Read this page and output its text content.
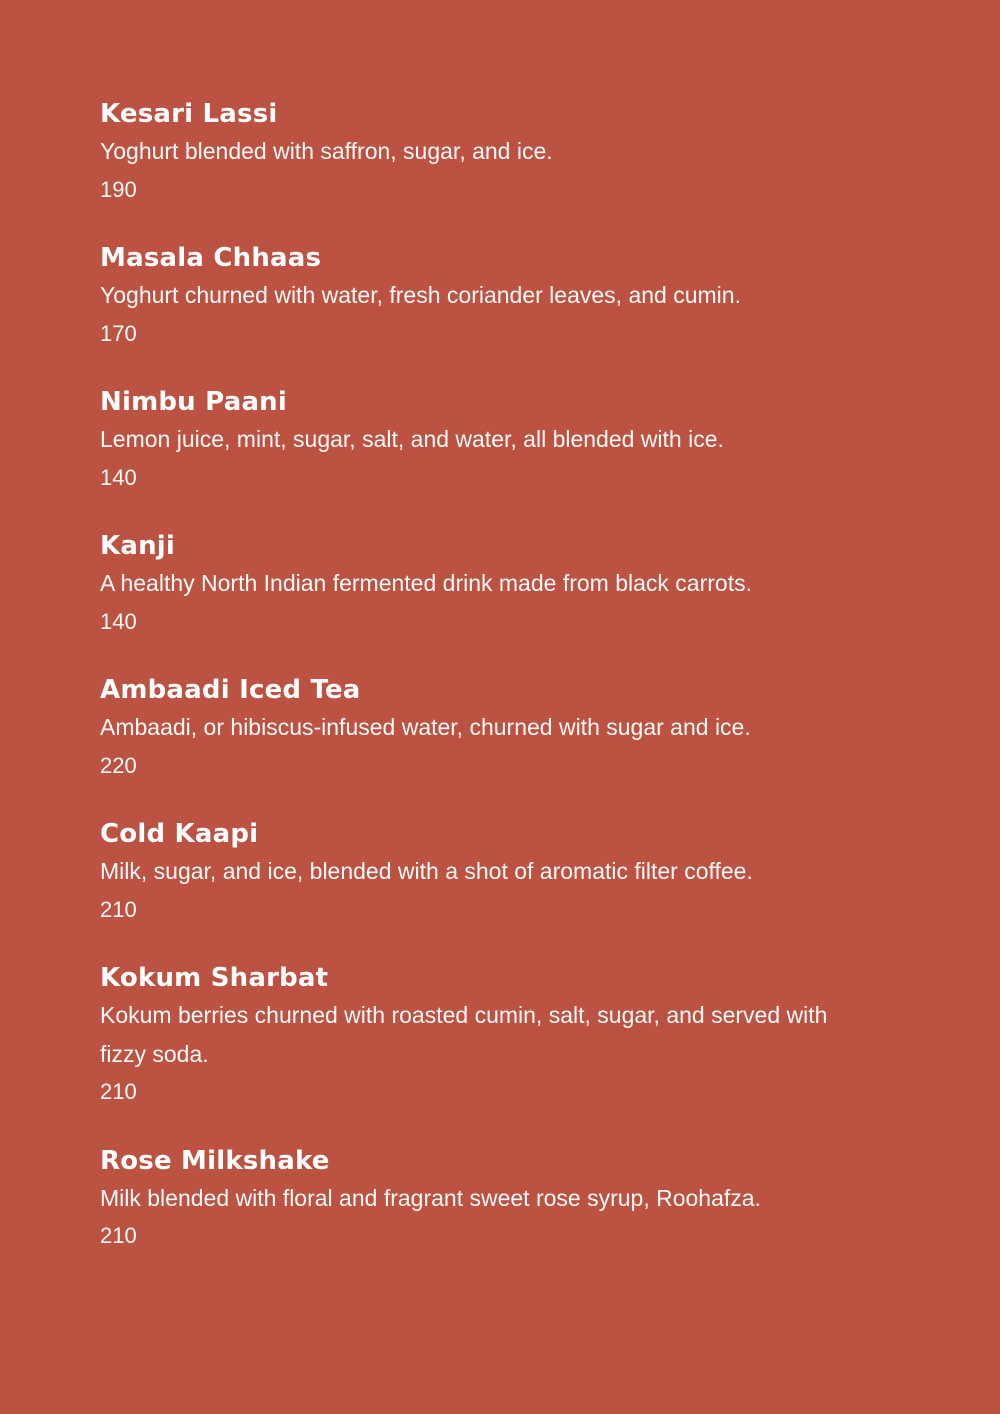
Kesari Lassi
Yoghurt blended with saffron, sugar, and ice.
190
Masala Chhaas
Yoghurt churned with water, fresh coriander leaves, and cumin.
170
Nimbu Paani
Lemon juice, mint, sugar, salt, and water, all blended with ice.
140
Kanji
A healthy North Indian fermented drink made from black carrots.
140
Ambaadi Iced Tea
Ambaadi, or hibiscus-infused water, churned with sugar and ice.
220
Cold Kaapi
Milk, sugar, and ice, blended with a shot of aromatic filter coffee.
210
Kokum Sharbat
Kokum berries churned with roasted cumin, salt, sugar, and served with fizzy soda.
210
Rose Milkshake
Milk blended with floral and fragrant sweet rose syrup, Roohafza.
210
